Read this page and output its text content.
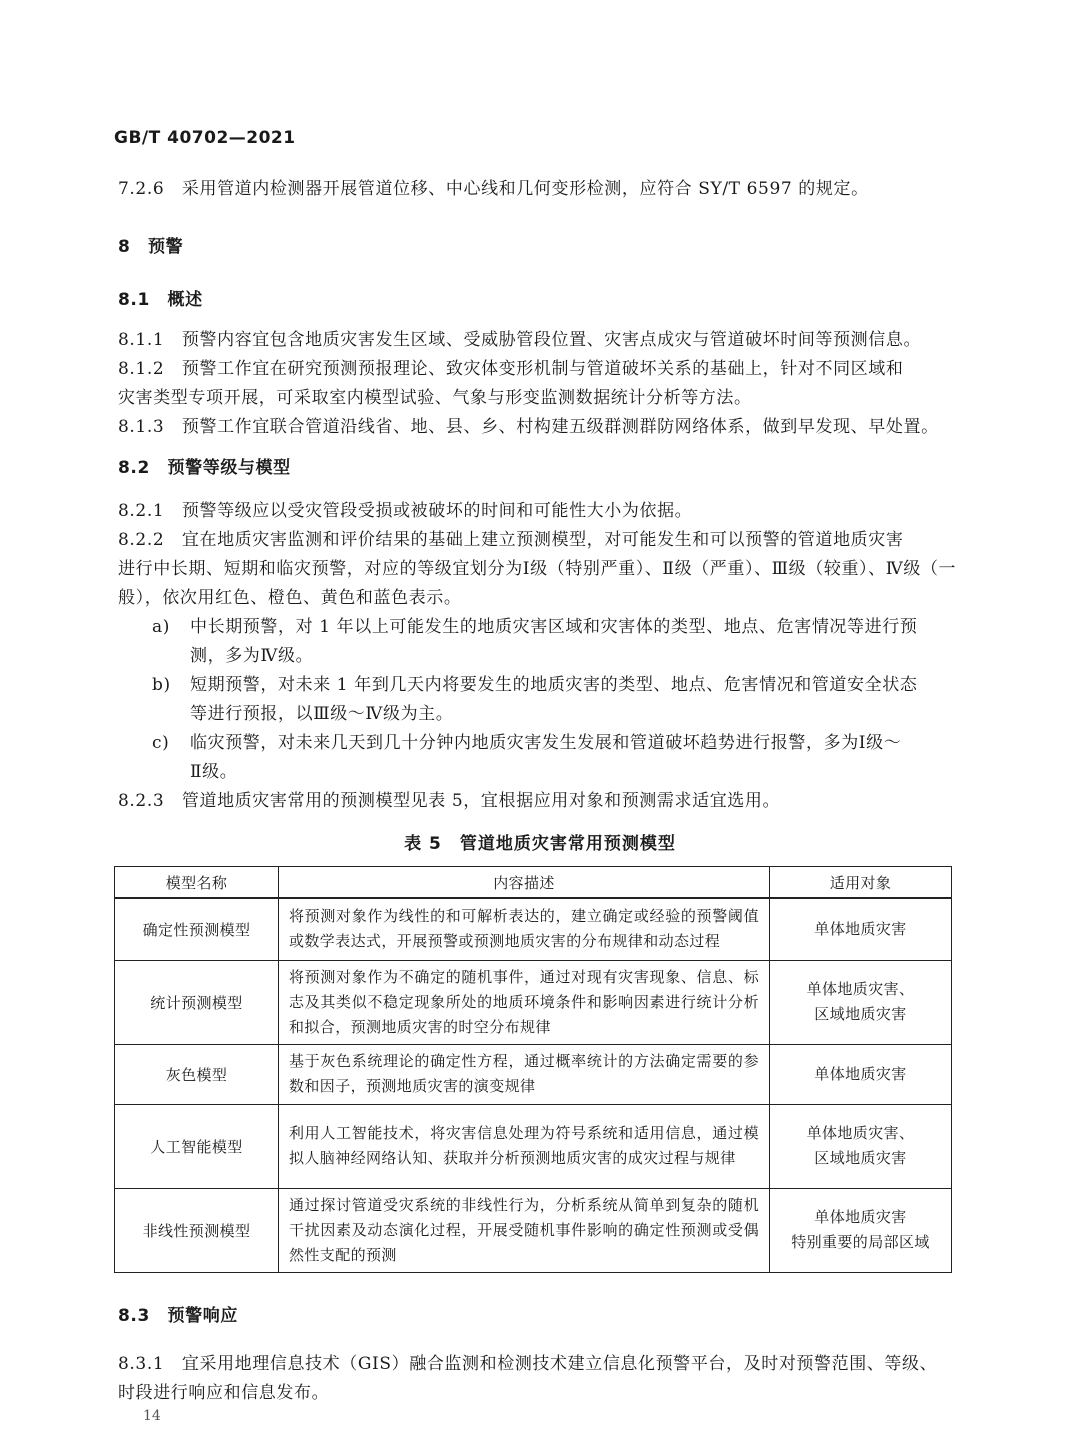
GB/T 40702—2021
7.2.6　 采用管道内检测器开展管道位移、中心线和几何变形检测，应符合 SY/T 6597 的规定。
8　 预警
8.1　 概述
8.1.1　 预警内容宜包含地质灾害发生区域、受威胁管段位置、灾害点成灾与管道破坏时间等预测信息。
8.1.2　 预警工作宜在研究预测预报理论、致灾体变形机制与管道破坏关系的基础上，针对不同区域和
灾害类型专项开展，可采取室内模型试验、气象与形变监测数据统计分析等方法。
8.1.3　 预警工作宜联合管道沿线省、地、县、乡、村构建五级群测群防网络体系，做到早发现、早处置。
8.2　 预警等级与模型
8.2.1　 预警等级应以受灾管段受损或被破坏的时间和可能性大小为依据。
8.2.2　 宜在地质灾害监测和评价结果的基础上建立预测模型，对可能发生和可以预警的管道地质灾害
进行中长期、短期和临灾预警，对应的等级宜划分为Ⅰ级（特别严重）、Ⅱ级（严重）、Ⅲ级（较重）、Ⅳ级（一
般），依次用红色、橙色、黄色和蓝色表示。
a) 中长期预警，对 1 年以上可能发生的地质灾害区域和灾害体的类型、地点、危害情况等进行预
测，多为Ⅳ级。
b) 短期预警，对未来 1 年到几天内将要发生的地质灾害的类型、地点、危害情况和管道安全状态
等进行预报，以Ⅲ级～Ⅳ级为主。
c) 临灾预警，对未来几天到几十分钟内地质灾害发生发展和管道破坏趋势进行报警，多为Ⅰ级～
Ⅱ级。
8.2.3　 管道地质灾害常用的预测模型见表 5，宜根据应用对象和预测需求适宜选用。
表 5　管道地质灾害常用预测模型
模型名称	内容描述	适用对象
确定性预测模型	将预测对象作为线性的和可解析表达的，建立确定或经验的预警阈值或数学表达式，开展预警或预测地质灾害的分布规律和动态过程	单体地质灾害

统计预测模型	将预测对象作为不确定的随机事件，通过对现有灾害现象、信息、标志及其类似不稳定现象所处的地质环境条件和影响因素进行统计分析和拟合，预测地质灾害的时空分布规律	单体地质灾害、
区域地质灾害

灰色模型	基于灰色系统理论的确定性方程，通过概率统计的方法确定需要的参数和因子，预测地质灾害的演变规律	单体地质灾害

人工智能模型	利用人工智能技术，将灾害信息处理为符号系统和适用信息，通过模拟人脑神经网络认知、获取并分析预测地质灾害的成灾过程与规律	单体地质灾害、
区域地质灾害

非线性预测模型	通过探讨管道受灾系统的非线性行为，分析系统从简单到复杂的随机干扰因素及动态演化过程，开展受随机事件影响的确定性预测或受偶然性支配的预测	单体地质灾害
特别重要的局部区域
8.3　 预警响应
8.3.1　 宜采用地理信息技术（GIS）融合监测和检测技术建立信息化预警平台，及时对预警范围、等级、
时段进行响应和信息发布。
14
